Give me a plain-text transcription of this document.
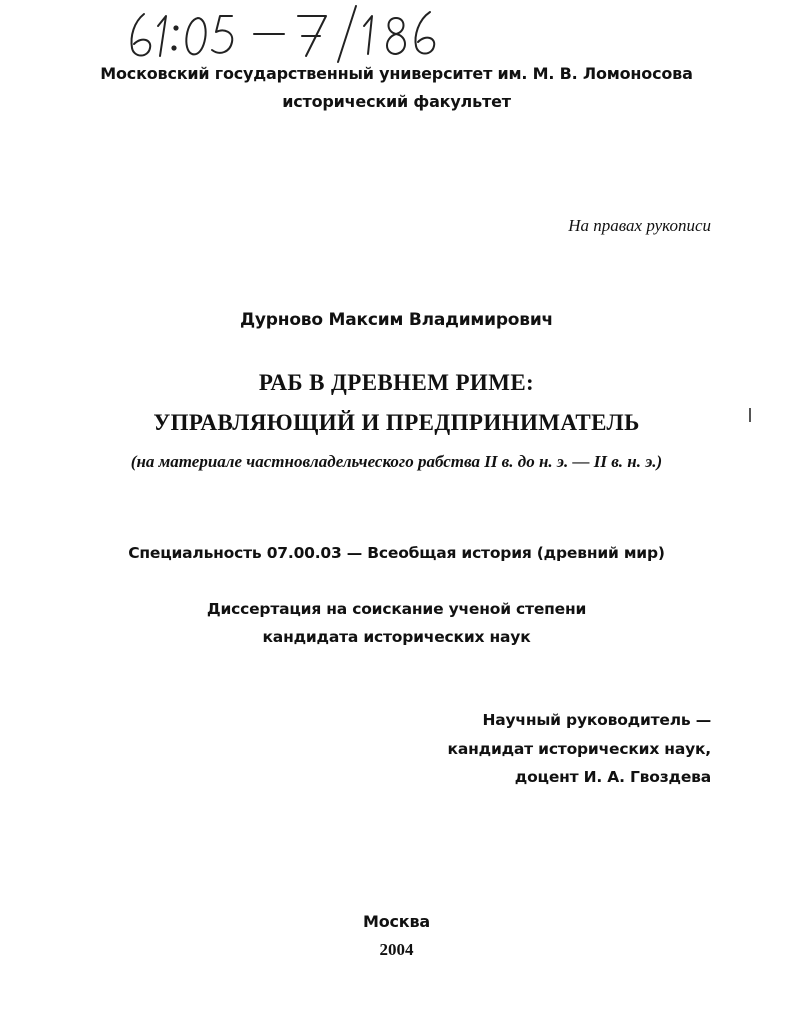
Московский государственный университет им. М. В. Ломоносова
исторический факультет
На правах рукописи
Дурново Максим Владимирович
РАБ В ДРЕВНЕМ РИМЕ:
УПРАВЛЯЮЩИЙ И ПРЕДПРИНИМАТЕЛЬ
(на материале частновладельческого рабства II в. до н. э. — II в. н. э.)
Специальность 07.00.03 — Всеобщая история (древний мир)
Диссертация на соискание ученой степени
кандидата исторических наук
Научный руководитель —
кандидат исторических наук,
доцент И. А. Гвоздева
Москва
2004
